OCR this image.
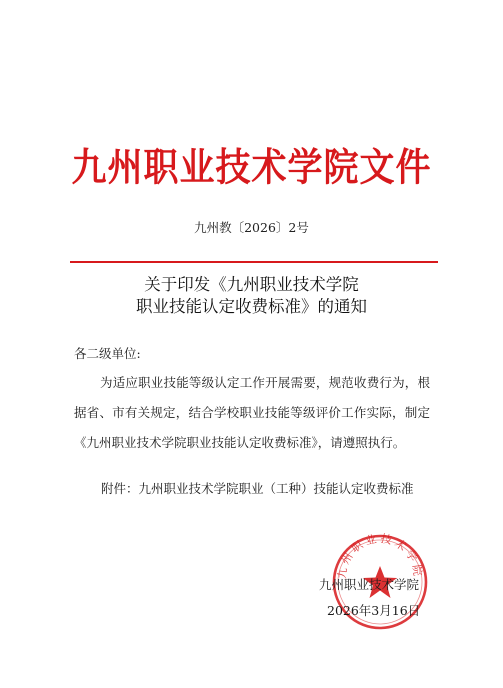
九州职业技术学院文件
九州教〔2026〕2号
关于印发《九州职业技术学院
职业技能认定收费标准》的通知
各二级单位:
为适应职业技能等级认定工作开展需要，规范收费行为，根据省、市有关规定，结合学校职业技能等级评价工作实际，制定《九州职业技术学院职业技能认定收费标准》，请遵照执行。
附件：九州职业技术学院职业（工种）技能认定收费标准
九州职业技术学院
九州职业技术学院
2026年3月16日
